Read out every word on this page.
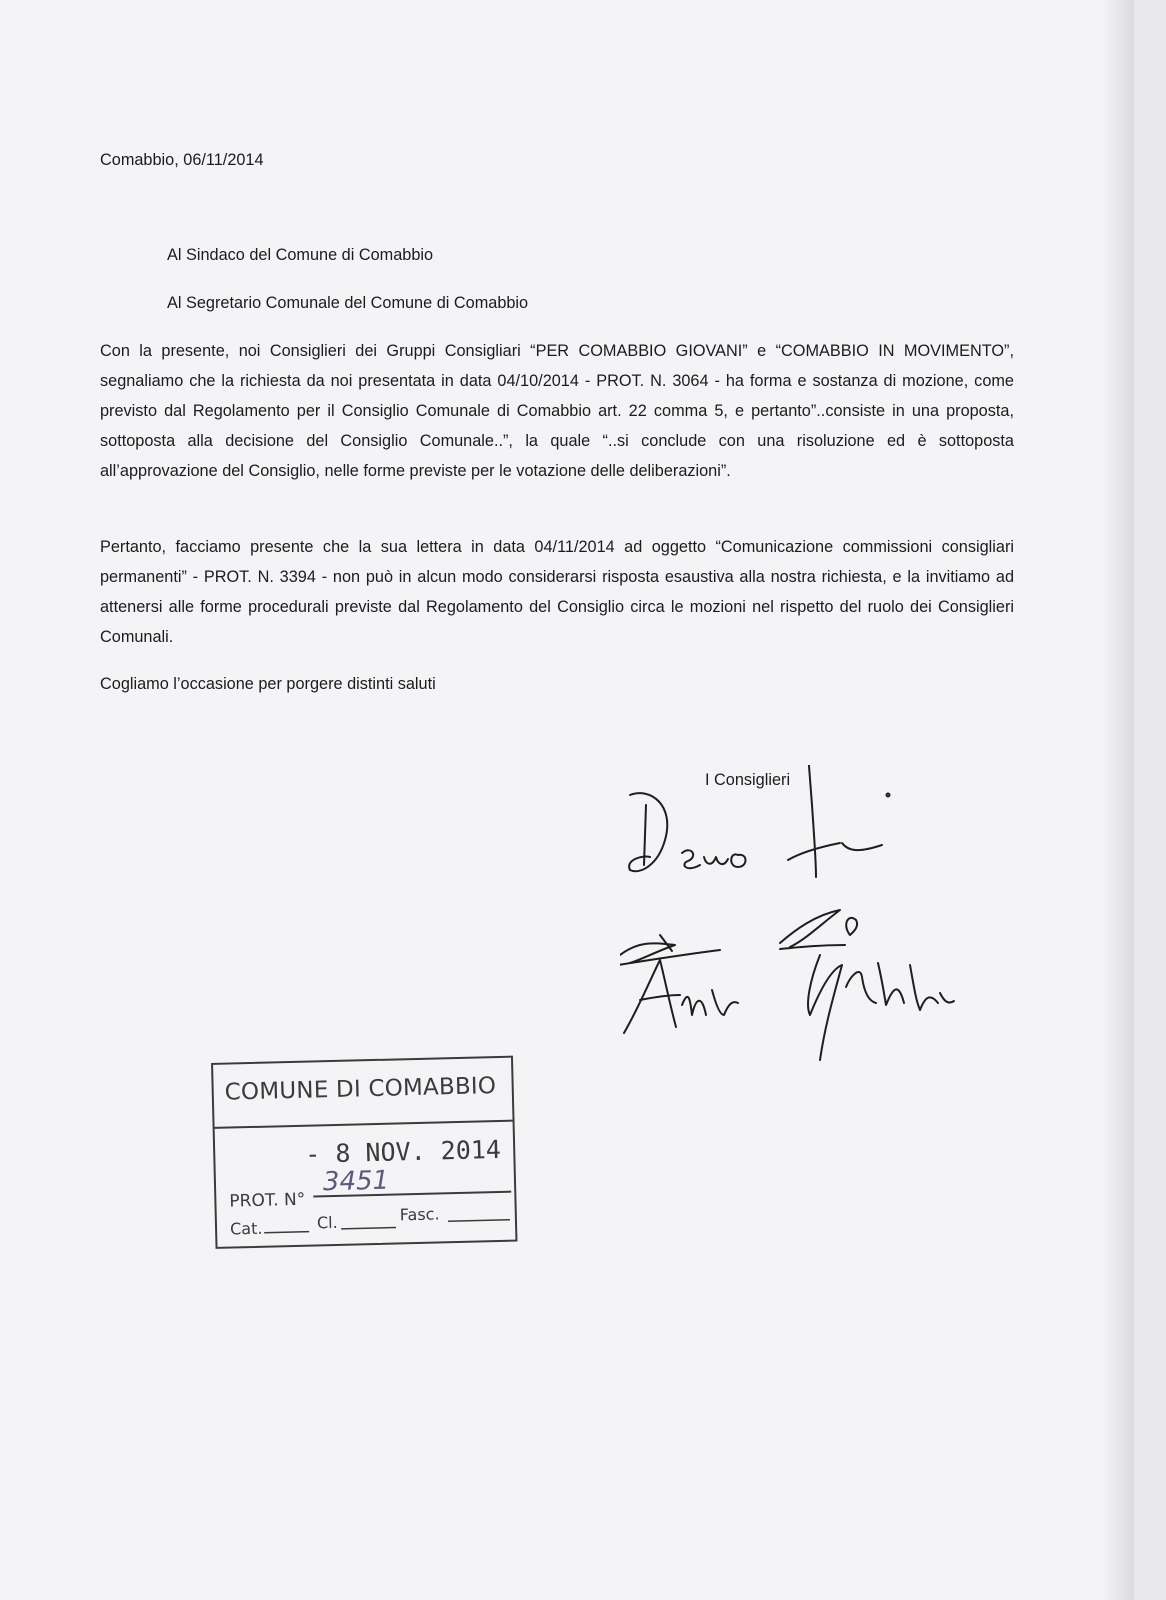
Comabbio, 06/11/2014
Al Sindaco del Comune di Comabbio
Al Segretario Comunale del Comune di Comabbio
Con la presente, noi Consiglieri dei Gruppi Consigliari “PER COMABBIO GIOVANI” e “COMABBIO IN MOVIMENTO”, segnaliamo che la richiesta da noi presentata in data 04/10/2014 - PROT. N. 3064 - ha forma e sostanza di mozione, come previsto dal Regolamento per il Consiglio Comunale di Comabbio art. 22 comma 5, e pertanto”..consiste in una proposta, sottoposta alla decisione del Consiglio Comunale..”, la quale “..si conclude con una risoluzione ed è sottoposta all’approvazione del Consiglio, nelle forme previste per le votazione delle deliberazioni”.
Pertanto, facciamo presente che la sua lettera in data 04/11/2014 ad oggetto “Comunicazione commissioni consigliari permanenti” - PROT. N. 3394 - non può in alcun modo considerarsi risposta esaustiva alla nostra richiesta, e la invitiamo ad attenersi alle forme procedurali previste dal Regolamento del Consiglio circa le mozioni nel rispetto del ruolo dei Consiglieri Comunali.
Cogliamo l’occasione per porgere distinti saluti
I Consiglieri
COMUNE DI COMABBIO
- 8 NOV. 2014
3451
PROT. N°
Cat.	Cl.	Fasc.
